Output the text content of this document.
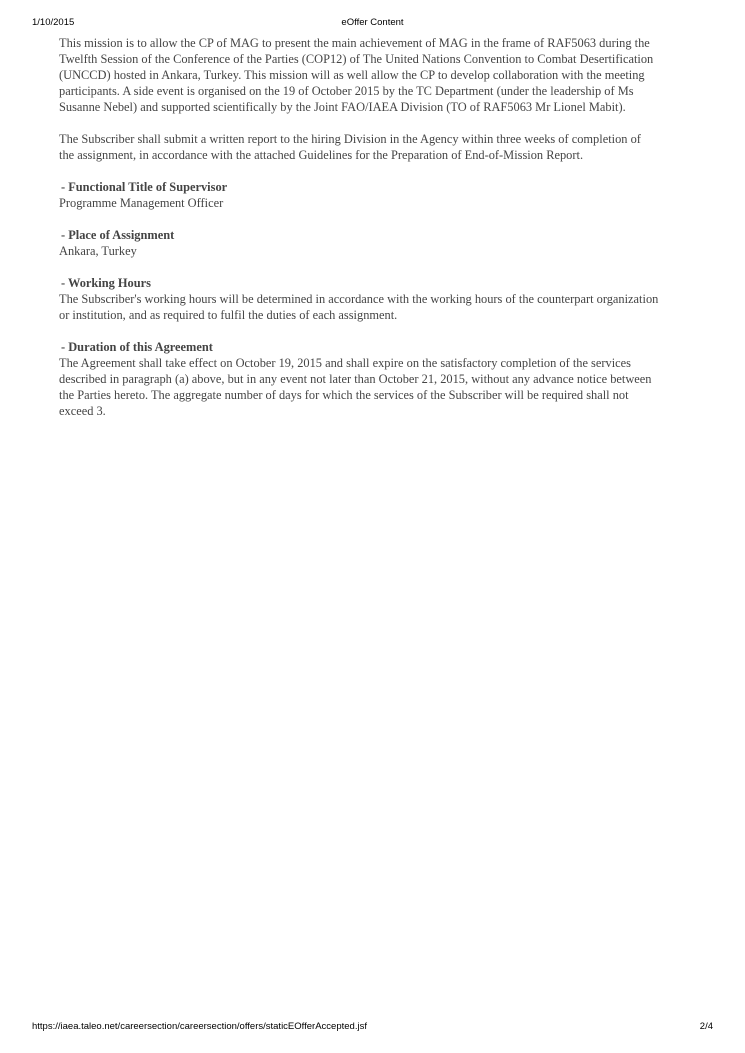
1/10/2015	eOffer Content

This mission is to allow the CP of MAG to present the main achievement of MAG in the frame of RAF5063 during the Twelfth Session of the Conference of the Parties (COP12) of The United Nations Convention to Combat Desertification (UNCCD) hosted in Ankara, Turkey. This mission will as well allow the CP to develop collaboration with the meeting participants. A side event is organised on the 19 of October 2015 by the TC Department (under the leadership of Ms Susanne Nebel) and supported scientifically by the Joint FAO/IAEA Division (TO of RAF5063 Mr Lionel Mabit).

The Subscriber shall submit a written report to the hiring Division in the Agency within three weeks of completion of the assignment, in accordance with the attached Guidelines for the Preparation of End-of-Mission Report.

- Functional Title of Supervisor

Programme Management Officer

- Place of Assignment

Ankara, Turkey

- Working Hours

The Subscriber's working hours will be determined in accordance with the working hours of the counterpart organization or institution, and as required to fulfil the duties of each assignment.

- Duration of this Agreement

The Agreement shall take effect on October 19, 2015 and shall expire on the satisfactory completion of the services described in paragraph (a) above, but in any event not later than October 21, 2015, without any advance notice between the Parties hereto. The aggregate number of days for which the services of the Subscriber will be required shall not exceed 3.

https://iaea.taleo.net/careersection/careersection/offers/staticEOfferAccepted.jsf	2/4
